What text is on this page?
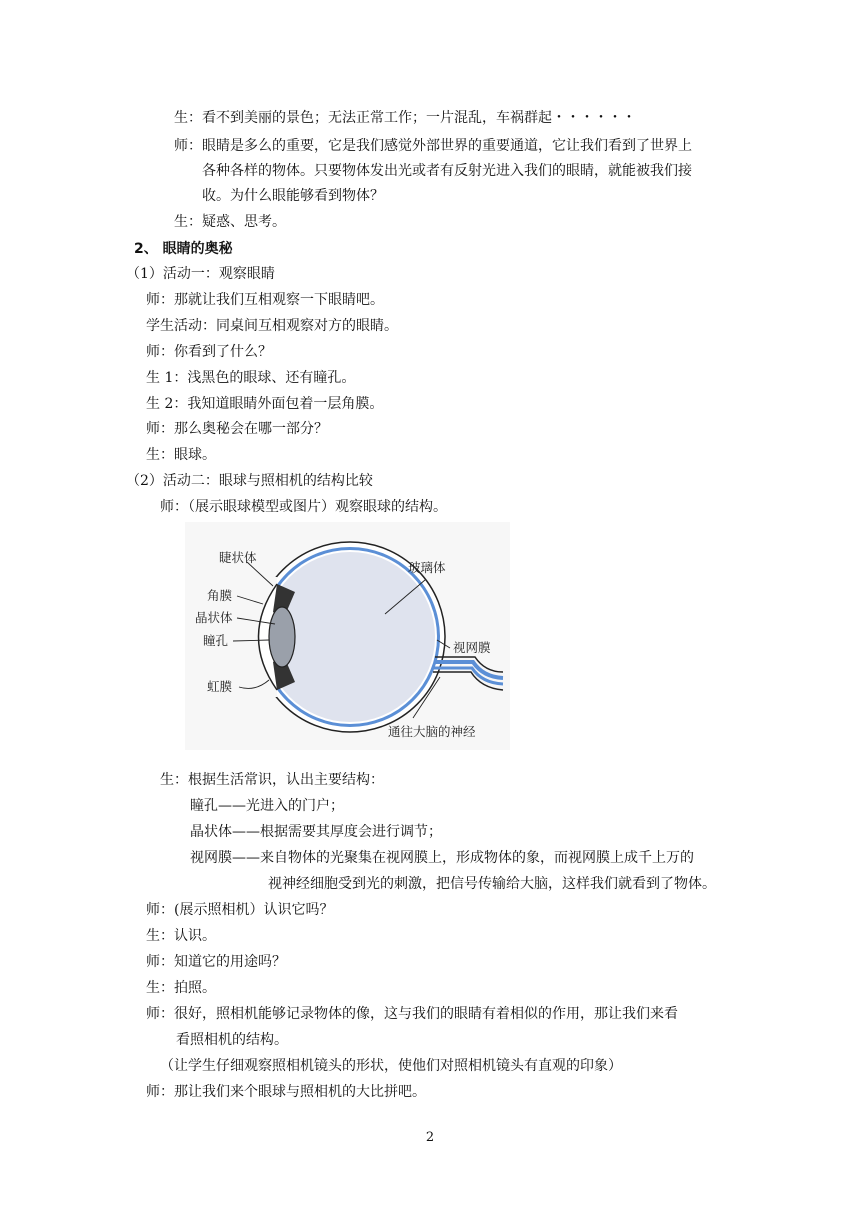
生：看不到美丽的景色；无法正常工作；一片混乱，车祸群起・・・・・・
师：眼睛是多么的重要，它是我们感觉外部世界的重要通道，它让我们看到了世界上
各种各样的物体。只要物体发出光或者有反射光进入我们的眼睛，就能被我们接
收。为什么眼能够看到物体？
生：疑惑、思考。
2、 眼睛的奥秘
（1）活动一：观察眼睛
师：那就让我们互相观察一下眼睛吧。
学生活动：同桌间互相观察对方的眼睛。
师：你看到了什么？
生 1：浅黑色的眼球、还有瞳孔。
生 2：我知道眼睛外面包着一层角膜。
师：那么奥秘会在哪一部分？
生：眼球。
（2）活动二：眼球与照相机的结构比较
师：（展示眼球模型或图片）观察眼球的结构。
睫状体
角膜
晶状体
瞳孔
虹膜
玻璃体
视网膜
通往大脑的神经
生：根据生活常识，认出主要结构：
瞳孔——光进入的门户；
晶状体——根据需要其厚度会进行调节；
视网膜——来自物体的光聚集在视网膜上，形成物体的象，而视网膜上成千上万的
视神经细胞受到光的刺激，把信号传输给大脑，这样我们就看到了物体。
师：(展示照相机）认识它吗？
生：认识。
师：知道它的用途吗？
生：拍照。
师：很好，照相机能够记录物体的像，这与我们的眼睛有着相似的作用，那让我们来看
看照相机的结构。
（让学生仔细观察照相机镜头的形状，使他们对照相机镜头有直观的印象）
师：那让我们来个眼球与照相机的大比拼吧。
2
